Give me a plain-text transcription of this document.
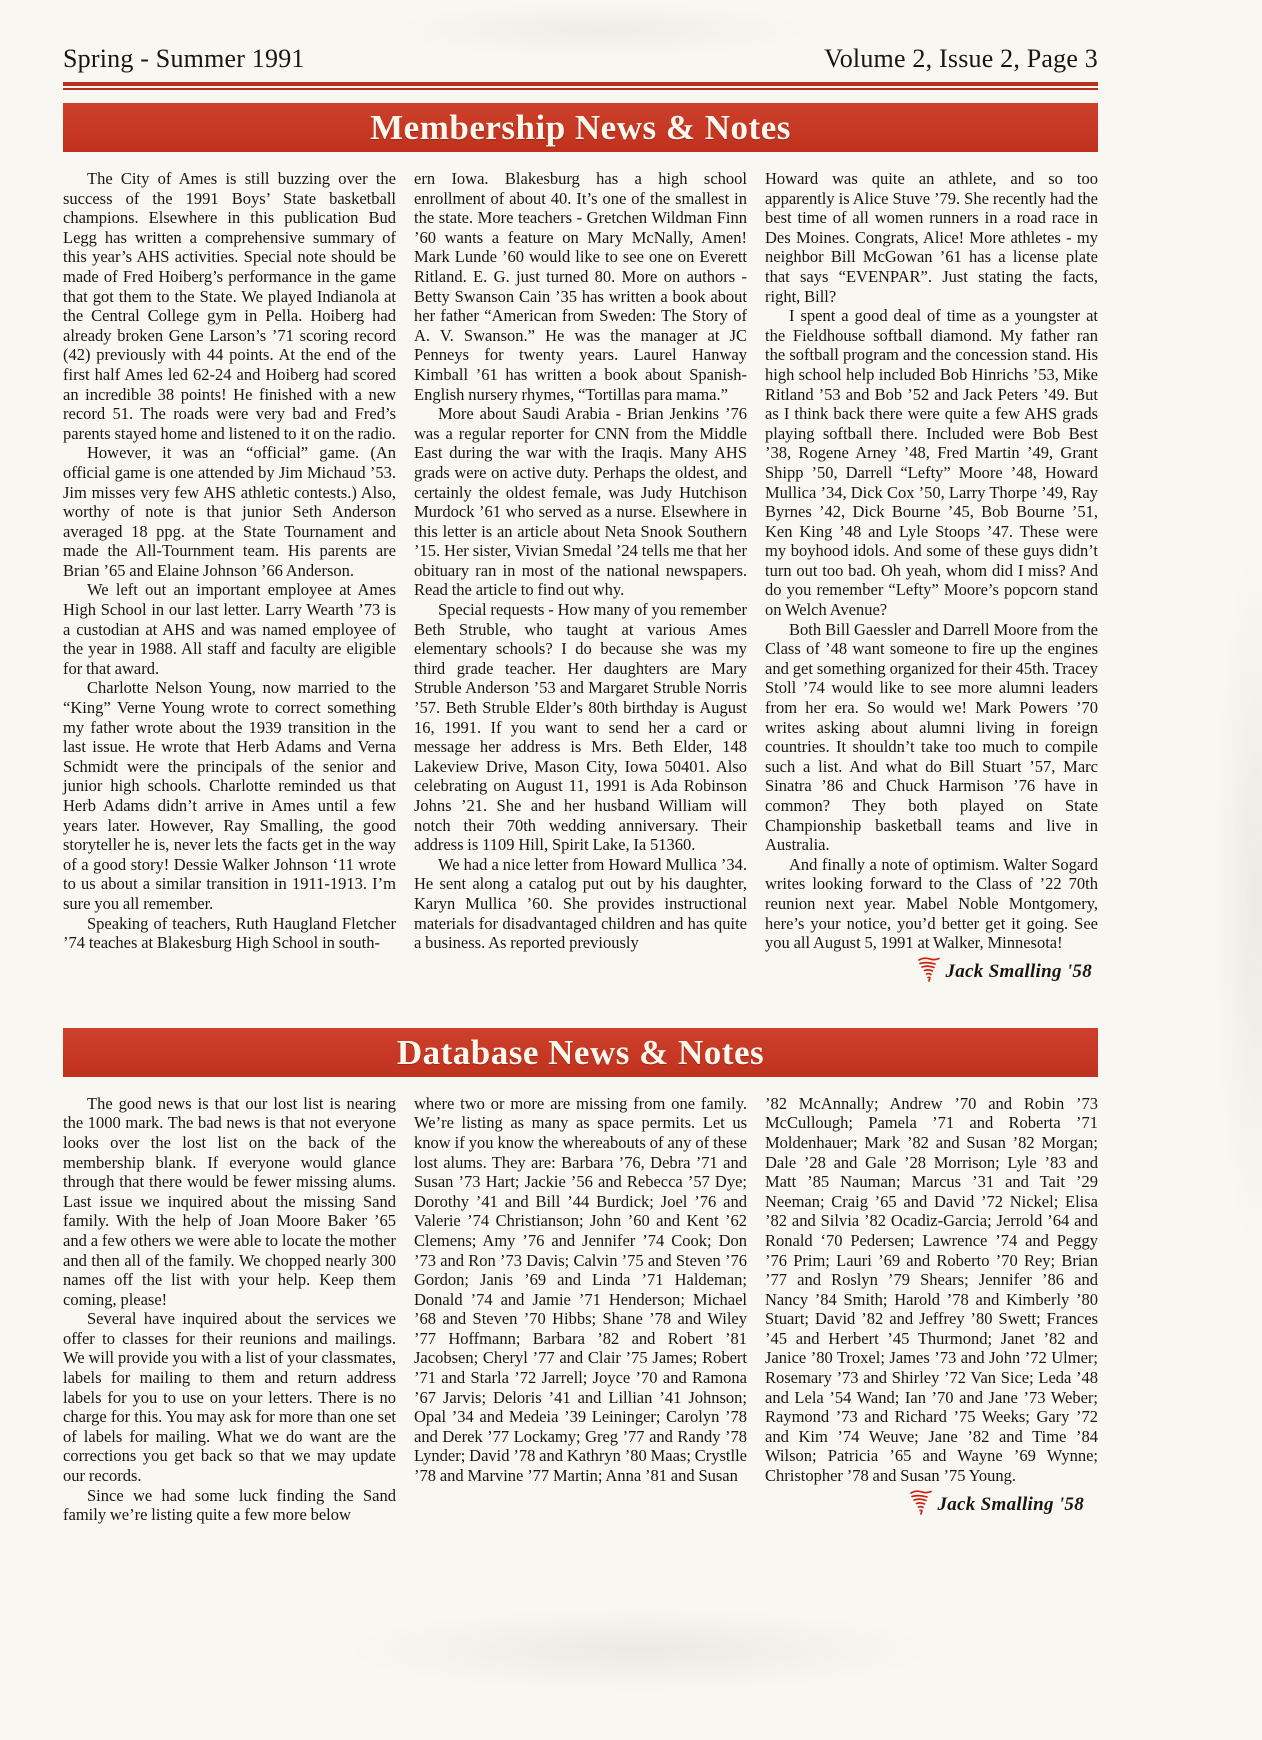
Spring - Summer 1991	Volume 2, Issue 2, Page 3
Membership News & Notes

The City of Ames is still buzzing over the success of the 1991 Boys’ State basketball champions. Elsewhere in this publication Bud Legg has written a comprehensive summary of this year’s AHS activities. Special note should be made of Fred Hoiberg’s performance in the game that got them to the State. We played Indianola at the Central College gym in Pella. Hoiberg had already broken Gene Larson’s ’71 scoring record (42) previously with 44 points. At the end of the first half Ames led 62-24 and Hoiberg had scored an incredible 38 points! He finished with a new record 51. The roads were very bad and Fred’s parents stayed home and listened to it on the radio.

However, it was an “official” game. (An official game is one attended by Jim Michaud ’53. Jim misses very few AHS athletic contests.) Also, worthy of note is that junior Seth Anderson averaged 18 ppg. at the State Tournament and made the All-Tournment team. His parents are Brian ’65 and Elaine Johnson ’66 Anderson.

We left out an important employee at Ames High School in our last letter. Larry Wearth ’73 is a custodian at AHS and was named employee of the year in 1988. All staff and faculty are eligible for that award.

Charlotte Nelson Young, now married to the “King” Verne Young wrote to correct something my father wrote about the 1939 transition in the last issue. He wrote that Herb Adams and Verna Schmidt were the principals of the senior and junior high schools. Charlotte reminded us that Herb Adams didn’t arrive in Ames until a few years later. However, Ray Smalling, the good storyteller he is, never lets the facts get in the way of a good story! Dessie Walker Johnson ‘11 wrote to us about a similar transition in 1911-1913. I’m sure you all remember.

Speaking of teachers, Ruth Haugland Fletcher ’74 teaches at Blakesburg High School in south-

ern Iowa. Blakesburg has a high school enrollment of about 40. It’s one of the smallest in the state. More teachers - Gretchen Wildman Finn ’60 wants a feature on Mary McNally, Amen! Mark Lunde ’60 would like to see one on Everett Ritland. E. G. just turned 80. More on authors - Betty Swanson Cain ’35 has written a book about her father “American from Sweden: The Story of A. V. Swanson.” He was the manager at JC Penneys for twenty years. Laurel Hanway Kimball ’61 has written a book about Spanish-English nursery rhymes, “Tortillas para mama.”

More about Saudi Arabia - Brian Jenkins ’76 was a regular reporter for CNN from the Middle East during the war with the Iraqis. Many AHS grads were on active duty. Perhaps the oldest, and certainly the oldest female, was Judy Hutchison Murdock ’61 who served as a nurse. Elsewhere in this letter is an article about Neta Snook Southern ’15. Her sister, Vivian Smedal ’24 tells me that her obituary ran in most of the national newspapers. Read the article to find out why.

Special requests - How many of you remember Beth Struble, who taught at various Ames elementary schools? I do because she was my third grade teacher. Her daughters are Mary Struble Anderson ’53 and Margaret Struble Norris ’57. Beth Struble Elder’s 80th birthday is August 16, 1991. If you want to send her a card or message her address is Mrs. Beth Elder, 148 Lakeview Drive, Mason City, Iowa 50401. Also celebrating on August 11, 1991 is Ada Robinson Johns ’21. She and her husband William will notch their 70th wedding anniversary. Their address is 1109 Hill, Spirit Lake, Ia 51360.

We had a nice letter from Howard Mullica ’34. He sent along a catalog put out by his daughter, Karyn Mullica ’60. She provides instructional materials for disadvantaged children and has quite a business. As reported previously

Howard was quite an athlete, and so too apparently is Alice Stuve ’79. She recently had the best time of all women runners in a road race in Des Moines. Congrats, Alice! More athletes - my neighbor Bill McGowan ’61 has a license plate that says “EVENPAR”. Just stating the facts, right, Bill?

I spent a good deal of time as a youngster at the Fieldhouse softball diamond. My father ran the softball program and the concession stand. His high school help included Bob Hinrichs ’53, Mike Ritland ’53 and Bob ’52 and Jack Peters ’49. But as I think back there were quite a few AHS grads playing softball there. Included were Bob Best ’38, Rogene Arney ’48, Fred Martin ’49, Grant Shipp ’50, Darrell “Lefty” Moore ’48, Howard Mullica ’34, Dick Cox ’50, Larry Thorpe ’49, Ray Byrnes ’42, Dick Bourne ’45, Bob Bourne ’51, Ken King ’48 and Lyle Stoops ’47. These were my boyhood idols. And some of these guys didn’t turn out too bad. Oh yeah, whom did I miss? And do you remember “Lefty” Moore’s popcorn stand on Welch Avenue?

Both Bill Gaessler and Darrell Moore from the Class of ’48 want someone to fire up the engines and get something organized for their 45th. Tracey Stoll ’74 would like to see more alumni leaders from her era. So would we! Mark Powers ’70 writes asking about alumni living in foreign countries. It shouldn’t take too much to compile such a list. And what do Bill Stuart ’57, Marc Sinatra ’86 and Chuck Harmison ’76 have in common? They both played on State Championship basketball teams and live in Australia.

And finally a note of optimism. Walter Sogard writes looking forward to the Class of ’22 70th reunion next year. Mabel Noble Montgomery, here’s your notice, you’d better get it going. See you all August 5, 1991 at Walker, Minnesota!

Jack Smalling '58
Database News & Notes

The good news is that our lost list is nearing the 1000 mark. The bad news is that not everyone looks over the lost list on the back of the membership blank. If everyone would glance through that there would be fewer missing alums. Last issue we inquired about the missing Sand family. With the help of Joan Moore Baker ’65 and a few others we were able to locate the mother and then all of the family. We chopped nearly 300 names off the list with your help. Keep them coming, please!

Several have inquired about the services we offer to classes for their reunions and mailings. We will provide you with a list of your classmates, labels for mailing to them and return address labels for you to use on your letters. There is no charge for this. You may ask for more than one set of labels for mailing. What we do want are the corrections you get back so that we may update our records.

Since we had some luck finding the Sand family we’re listing quite a few more below

where two or more are missing from one family. We’re listing as many as space permits. Let us know if you know the whereabouts of any of these lost alums. They are: Barbara ’76, Debra ’71 and Susan ’73 Hart; Jackie ’56 and Rebecca ’57 Dye; Dorothy ’41 and Bill ’44 Burdick; Joel ’76 and Valerie ’74 Christianson; John ’60 and Kent ’62 Clemens; Amy ’76 and Jennifer ’74 Cook; Don ’73 and Ron ’73 Davis; Calvin ’75 and Steven ’76 Gordon; Janis ’69 and Linda ’71 Haldeman; Donald ’74 and Jamie ’71 Henderson; Michael ’68 and Steven ’70 Hibbs; Shane ’78 and Wiley ’77 Hoffmann; Barbara ’82 and Robert ’81 Jacobsen; Cheryl ’77 and Clair ’75 James; Robert ’71 and Starla ’72 Jarrell; Joyce ’70 and Ramona ’67 Jarvis; Deloris ’41 and Lillian ’41 Johnson; Opal ’34 and Medeia ’39 Leininger; Carolyn ’78 and Derek ’77 Lockamy; Greg ’77 and Randy ’78 Lynder; David ’78 and Kathryn ’80 Maas; Crystlle ’78 and Marvine ’77 Martin; Anna ’81 and Susan

’82 McAnnally; Andrew ’70 and Robin ’73 McCullough; Pamela ’71 and Roberta ’71 Moldenhauer; Mark ’82 and Susan ’82 Morgan; Dale ’28 and Gale ’28 Morrison; Lyle ’83 and Matt ’85 Nauman; Marcus ’31 and Tait ’29 Neeman; Craig ’65 and David ’72 Nickel; Elisa ’82 and Silvia ’82 Ocadiz-Garcia; Jerrold ’64 and Ronald ‘70 Pedersen; Lawrence ’74 and Peggy ’76 Prim; Lauri ’69 and Roberto ’70 Rey; Brian ’77 and Roslyn ’79 Shears; Jennifer ’86 and Nancy ’84 Smith; Harold ’78 and Kimberly ’80 Stuart; David ’82 and Jeffrey ’80 Swett; Frances ’45 and Herbert ’45 Thurmond; Janet ’82 and Janice ’80 Troxel; James ’73 and John ’72 Ulmer; Rosemary ’73 and Shirley ’72 Van Sice; Leda ’48 and Lela ’54 Wand; Ian ’70 and Jane ’73 Weber; Raymond ’73 and Richard ’75 Weeks; Gary ’72 and Kim ’74 Weuve; Jane ’82 and Time ’84 Wilson; Patricia ’65 and Wayne ’69 Wynne; Christopher ’78 and Susan ’75 Young.

Jack Smalling '58
